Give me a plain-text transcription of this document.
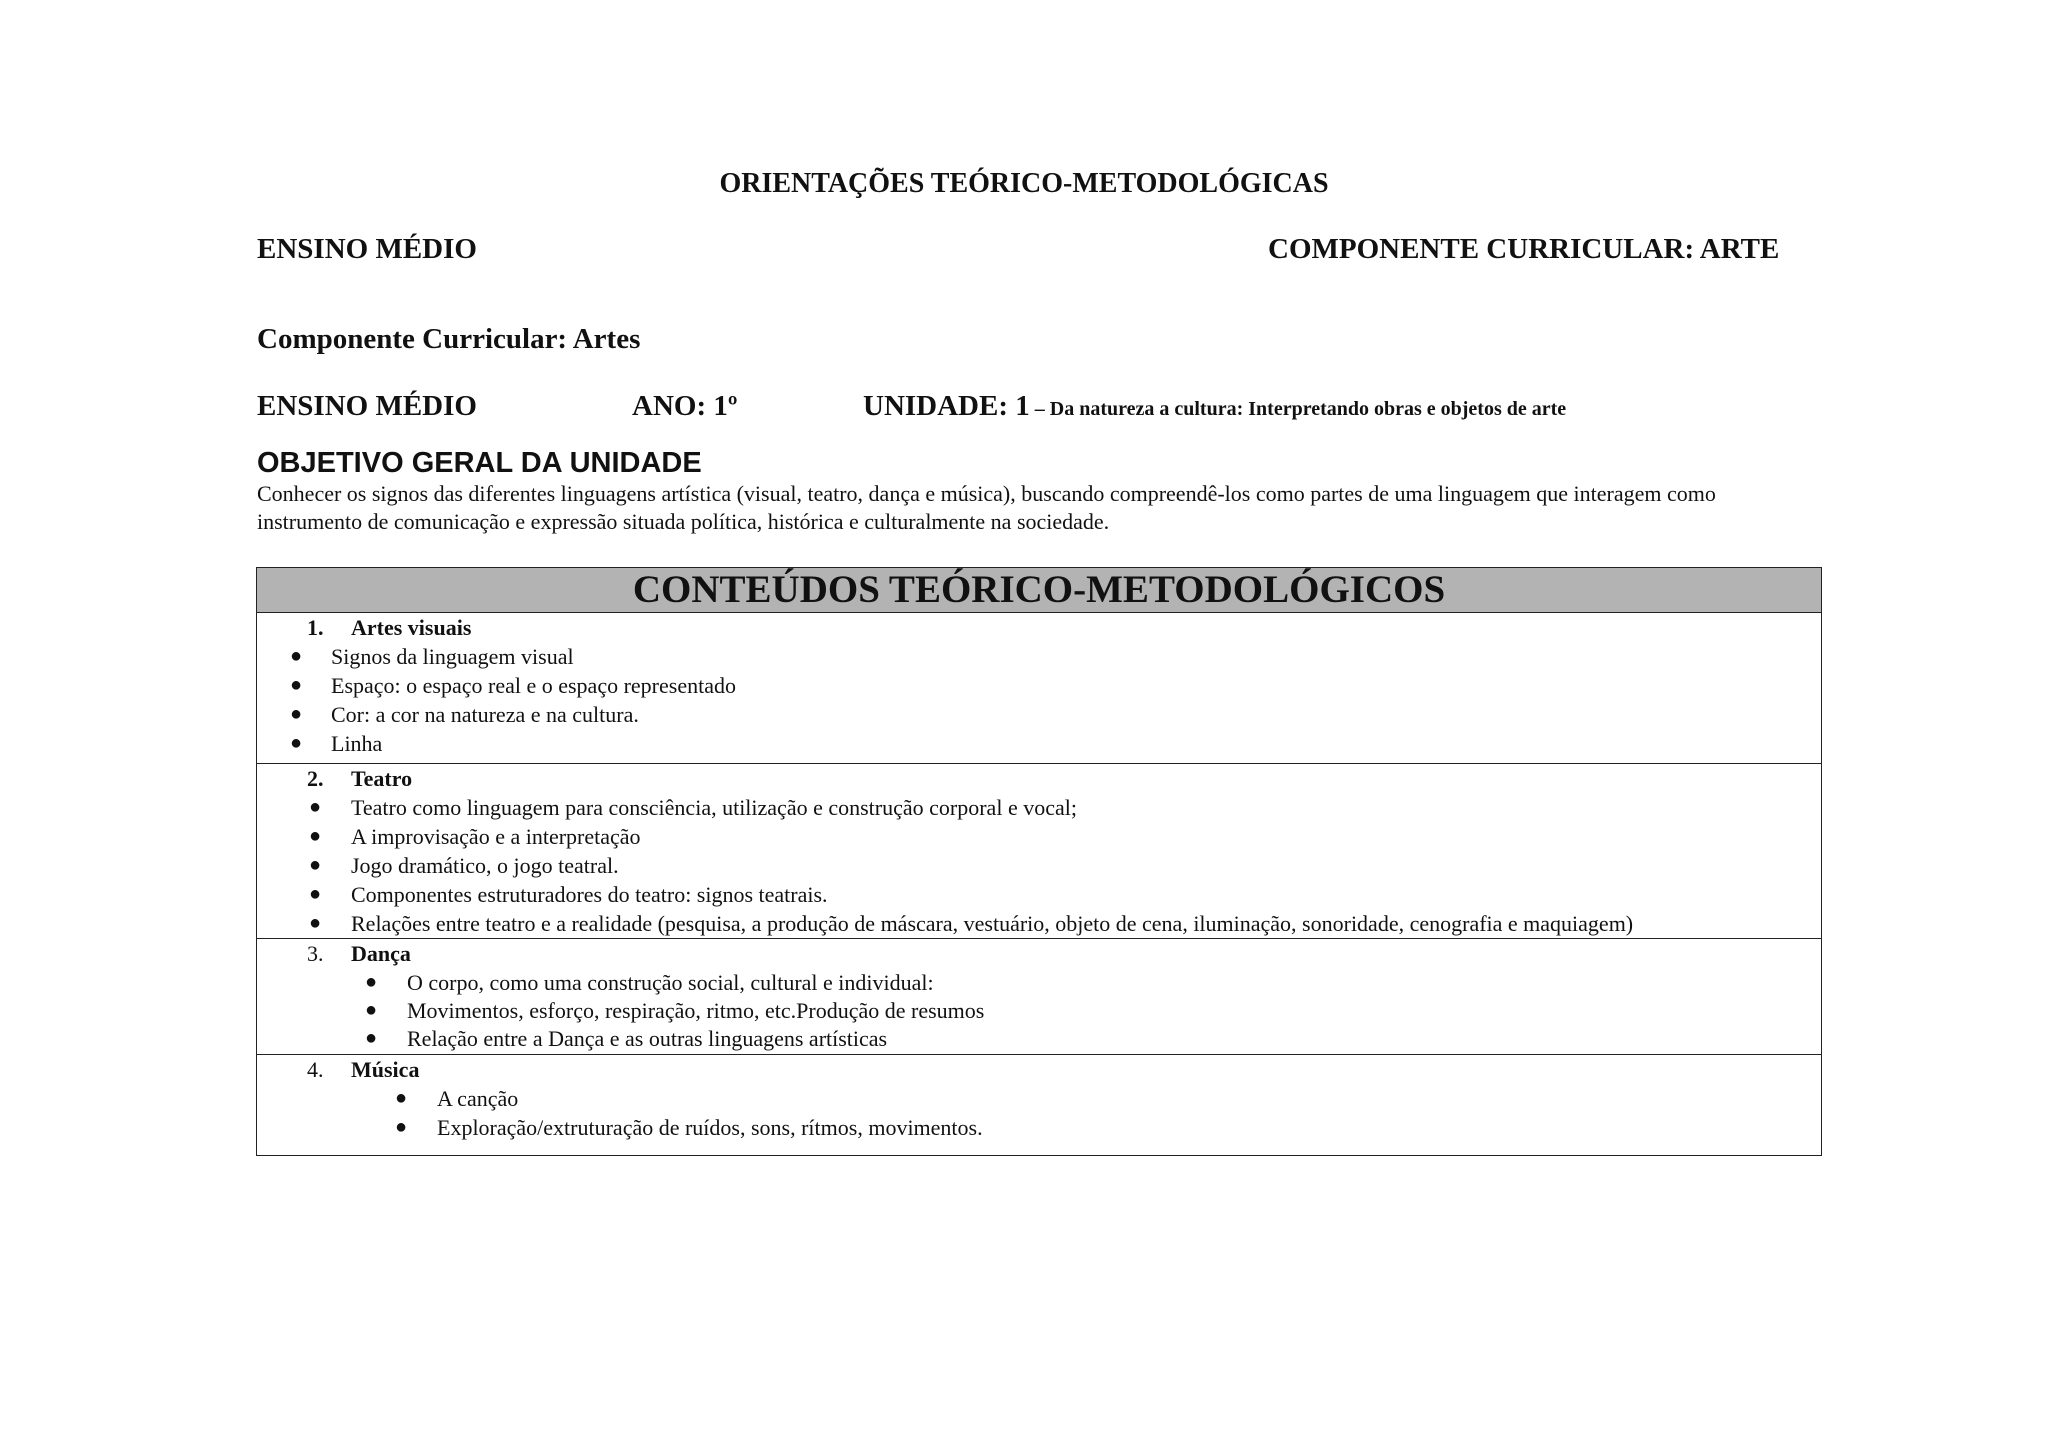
ORIENTAÇÕES TEÓRICO-METODOLÓGICAS
ENSINO MÉDIO	COMPONENTE CURRICULAR: ARTE
Componente Curricular: Artes
ENSINO MÉDIO	ANO: 1º	UNIDADE: 1 – Da natureza a cultura: Interpretando obras e objetos de arte
OBJETIVO GERAL DA UNIDADE
Conhecer os signos das diferentes linguagens artística (visual, teatro, dança e música), buscando compreendê-los como partes de uma linguagem que interagem como instrumento de comunicação e expressão situada política, histórica e culturalmente na sociedade.
CONTEÚDOS TEÓRICO-METODOLÓGICOS
1. Artes visuais
● Signos da linguagem visual
● Espaço: o espaço real e o espaço representado
● Cor: a cor na natureza e na cultura.
● Linha
2. Teatro
● Teatro como linguagem para consciência, utilização e construção corporal e vocal;
● A improvisação e a interpretação
● Jogo dramático, o jogo teatral.
● Componentes estruturadores do teatro: signos teatrais.
● Relações entre teatro e a realidade (pesquisa, a produção de máscara, vestuário, objeto de cena, iluminação, sonoridade, cenografia e maquiagem)
3. Dança
● O corpo, como uma construção social, cultural e individual:
● Movimentos, esforço, respiração, ritmo, etc.Produção de resumos
● Relação entre a Dança e as outras linguagens artísticas
4. Música
● A canção
● Exploração/extruturação de ruídos, sons, rítmos, movimentos.
